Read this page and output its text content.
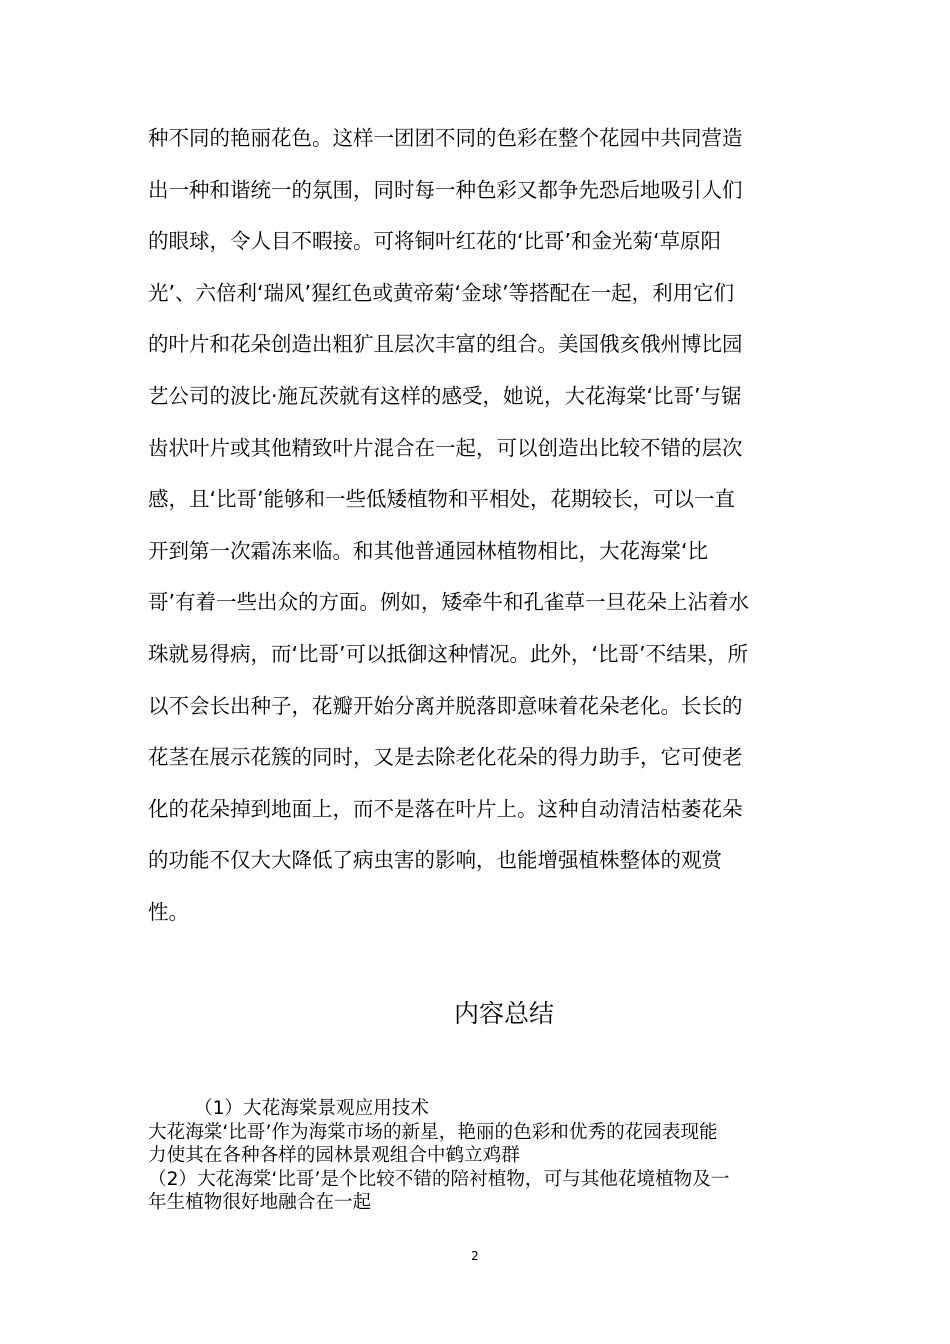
种不同的艳丽花色。这样一团团不同的色彩在整个花园中共同营造
出一种和谐统一的氛围，同时每一种色彩又都争先恐后地吸引人们
的眼球，令人目不暇接。可将铜叶红花的‘比哥’和金光菊‘草原阳
光’、六倍利‘瑞风’猩红色或黄帝菊‘金球’等搭配在一起，利用它们
的叶片和花朵创造出粗犷且层次丰富的组合。美国俄亥俄州博比园
艺公司的波比·施瓦茨就有这样的感受，她说，大花海棠‘比哥’与锯
齿状叶片或其他精致叶片混合在一起，可以创造出比较不错的层次
感，且‘比哥’能够和一些低矮植物和平相处，花期较长，可以一直
开到第一次霜冻来临。和其他普通园林植物相比，大花海棠‘比
哥’有着一些出众的方面。例如，矮牵牛和孔雀草一旦花朵上沾着水
珠就易得病，而‘比哥’可以抵御这种情况。此外，‘比哥’不结果，所
以不会长出种子，花瓣开始分离并脱落即意味着花朵老化。长长的
花茎在展示花簇的同时，又是去除老化花朵的得力助手，它可使老
化的花朵掉到地面上，而不是落在叶片上。这种自动清洁枯萎花朵
的功能不仅大大降低了病虫害的影响，也能增强植株整体的观赏
性。
内容总结
（1）大花海棠景观应用技术
大花海棠‘比哥’作为海棠市场的新星，艳丽的色彩和优秀的花园表现能
力使其在各种各样的园林景观组合中鹤立鸡群
（2）大花海棠‘比哥’是个比较不错的陪衬植物，可与其他花境植物及一
年生植物很好地融合在一起
2
